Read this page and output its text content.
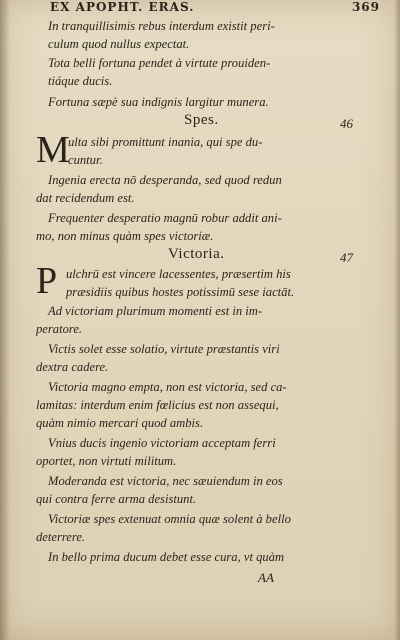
EX APOPHT. ERAS.	369
In tranquillisimis rebus interdum existit peri-
culum quod nullus expectat.
Tota belli fortuna pendet à virtute prouiden-
tiáque ducis.
Fortuna sæpè sua indignis largitur munera.
Spes.	46
M
ulta sibi promittunt inania, qui spe du-
cuntur.
Ingenia erecta nō desperanda, sed quod redun
dat recidendum est.
Frequenter desperatio magnū robur addit ani-
mo, non minus quàm spes victoriæ.
Victoria.	47
P ulchrū est vincere lacessentes, præsertim his
præsidiis quibus hostes potissimū sese iactāt.
Ad victoriam plurimum momenti est in im-
peratore.
Victis solet esse solatio, virtute præstantis viri
dextra cadere.
Victoria magno empta, non est victoria, sed ca-
lamitas: interdum enim fœlicius est non assequi,
quàm nimio mercari quod ambis.
Vnius ducis ingenio victoriam acceptam ferri
oportet, non virtuti militum.
Moderanda est victoria, nec sæuiendum in eos
qui contra ferre arma desistunt.
Victoriæ spes extenuat omnia quæ solent à bello
deterrere.
In bello prima ducum debet esse cura, vt quàm
AA
